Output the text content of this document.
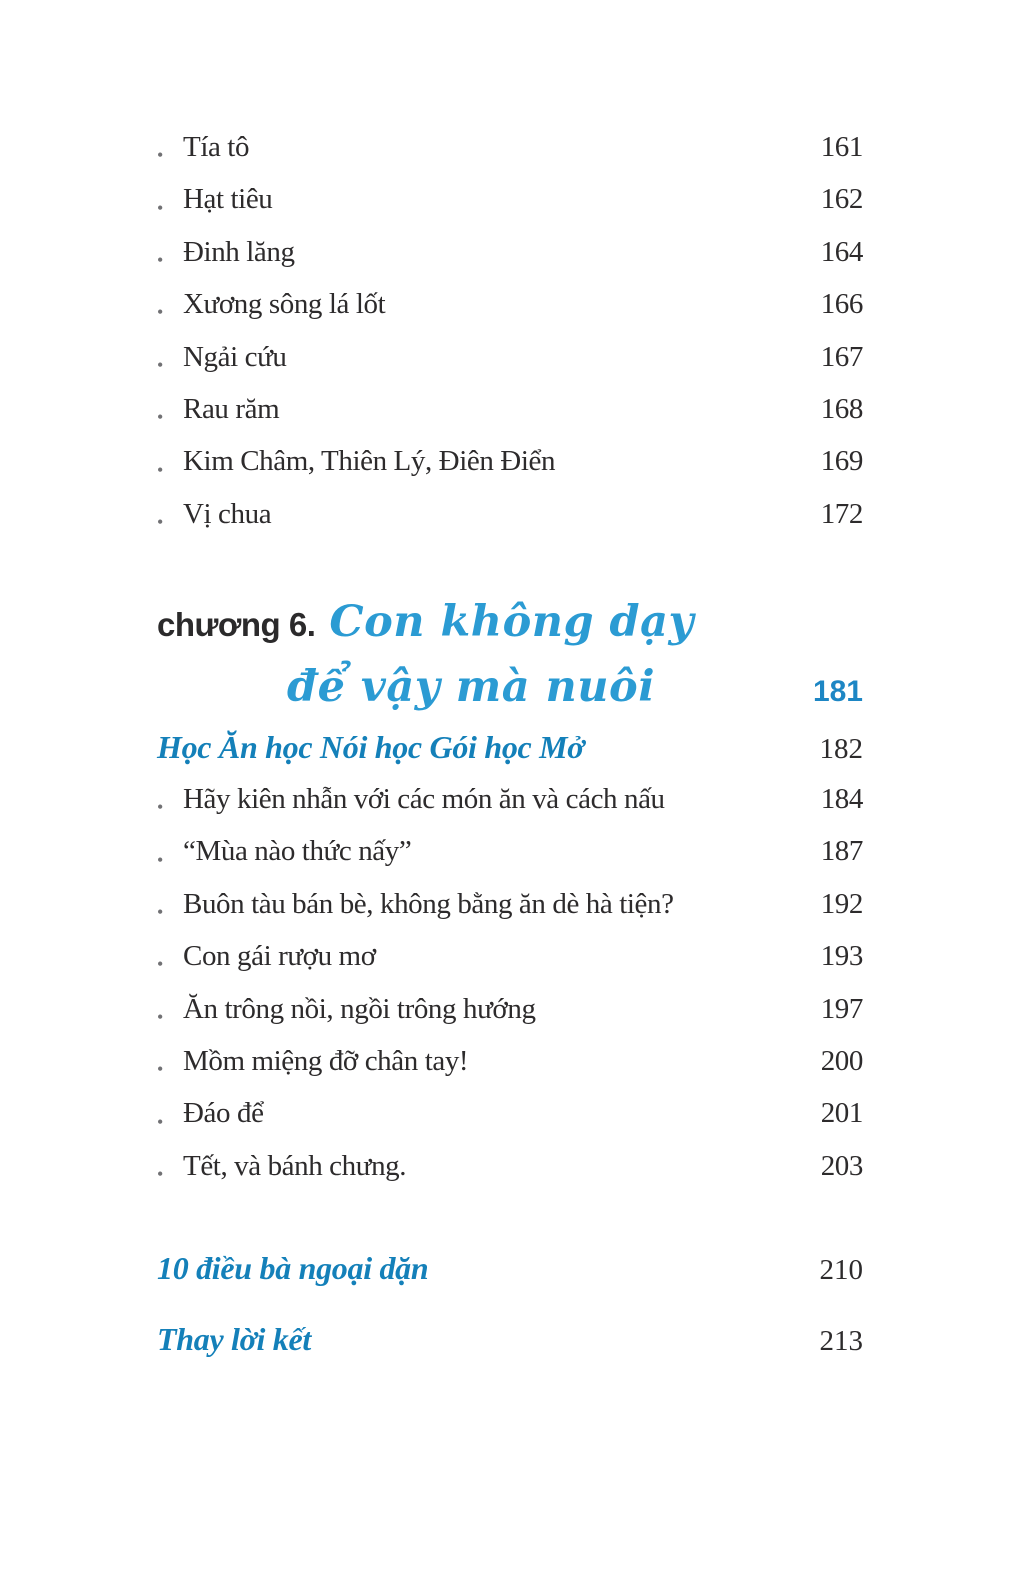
• Tía tô	161
• Hạt tiêu	162
• Đinh lăng	164
• Xương sông lá lốt	166
• Ngải cứu	167
• Rau răm	168
• Kim Châm, Thiên Lý, Điên Điển	169
• Vị chua	172
chương 6. Con không dạy
để vậy mà nuôi	181
Học Ăn học Nói học Gói học Mở	182
• Hãy kiên nhẫn với các món ăn và cách nấu	184
• “Mùa nào thức nấy”	187
• Buôn tàu bán bè, không bằng ăn dè hà tiện?	192
• Con gái rượu mơ	193
• Ăn trông nồi, ngồi trông hướng	197
• Mồm miệng đỡ chân tay!	200
• Đáo để	201
• Tết, và bánh chưng.	203
10 điều bà ngoại dặn	210
Thay lời kết	213
